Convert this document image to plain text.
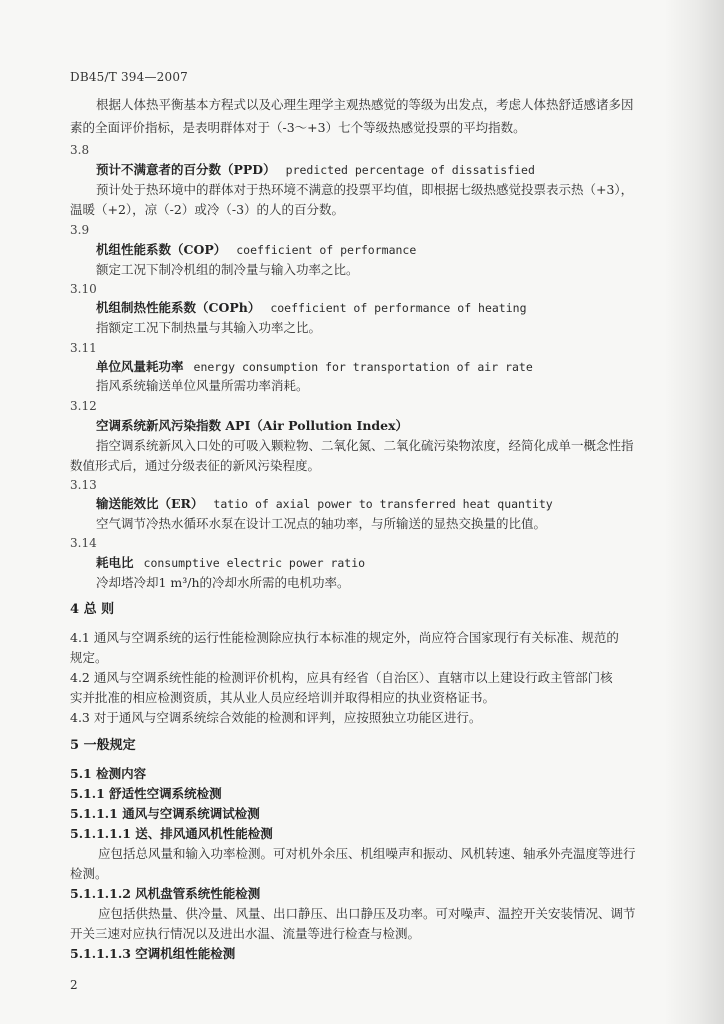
DB45/T 394—2007
根据人体热平衡基本方程式以及心理生理学主观热感觉的等级为出发点，考虑人体热舒适感诸多因
素的全面评价指标，是表明群体对于（-3～+3）七个等级热感觉投票的平均指数。
3.8
预计不满意者的百分数（PPD） predicted percentage of dissatisfied
预计处于热环境中的群体对于热环境不满意的投票平均值，即根据七级热感觉投票表示热（+3），
温暖（+2），凉（-2）或冷（-3）的人的百分数。
3.9
机组性能系数（COP） coefficient of performance
额定工况下制冷机组的制冷量与输入功率之比。
3.10
机组制热性能系数（COPh） coefficient of performance of heating
指额定工况下制热量与其输入功率之比。
3.11
单位风量耗功率 energy consumption for transportation of air rate
指风系统输送单位风量所需功率消耗。
3.12
空调系统新风污染指数 API（Air Pollution Index）
指空调系统新风入口处的可吸入颗粒物、二氧化氮、二氧化硫污染物浓度，经简化成单一概念性指
数值形式后，通过分级表征的新风污染程度。
3.13
输送能效比（ER） tatio of axial power to transferred heat quantity
空气调节冷热水循环水泵在设计工况点的轴功率，与所输送的显热交换量的比值。
3.14
耗电比 consumptive electric power ratio
冷却塔冷却1 m³/h的冷却水所需的电机功率。
4 总 则
4.1 通风与空调系统的运行性能检测除应执行本标准的规定外，尚应符合国家现行有关标准、规范的
规定。
4.2 通风与空调系统性能的检测评价机构，应具有经省（自治区）、直辖市以上建设行政主管部门核
实并批准的相应检测资质，其从业人员应经培训并取得相应的执业资格证书。
4.3 对于通风与空调系统综合效能的检测和评判，应按照独立功能区进行。
5 一般规定
5.1 检测内容
5.1.1 舒适性空调系统检测
5.1.1.1 通风与空调系统调试检测
5.1.1.1.1 送、排风通风机性能检测
应包括总风量和输入功率检测。可对机外余压、机组噪声和振动、风机转速、轴承外壳温度等进行
检测。
5.1.1.1.2 风机盘管系统性能检测
应包括供热量、供冷量、风量、出口静压、出口静压及功率。可对噪声、温控开关安装情况、调节
开关三速对应执行情况以及进出水温、流量等进行检查与检测。
5.1.1.1.3 空调机组性能检测
2
